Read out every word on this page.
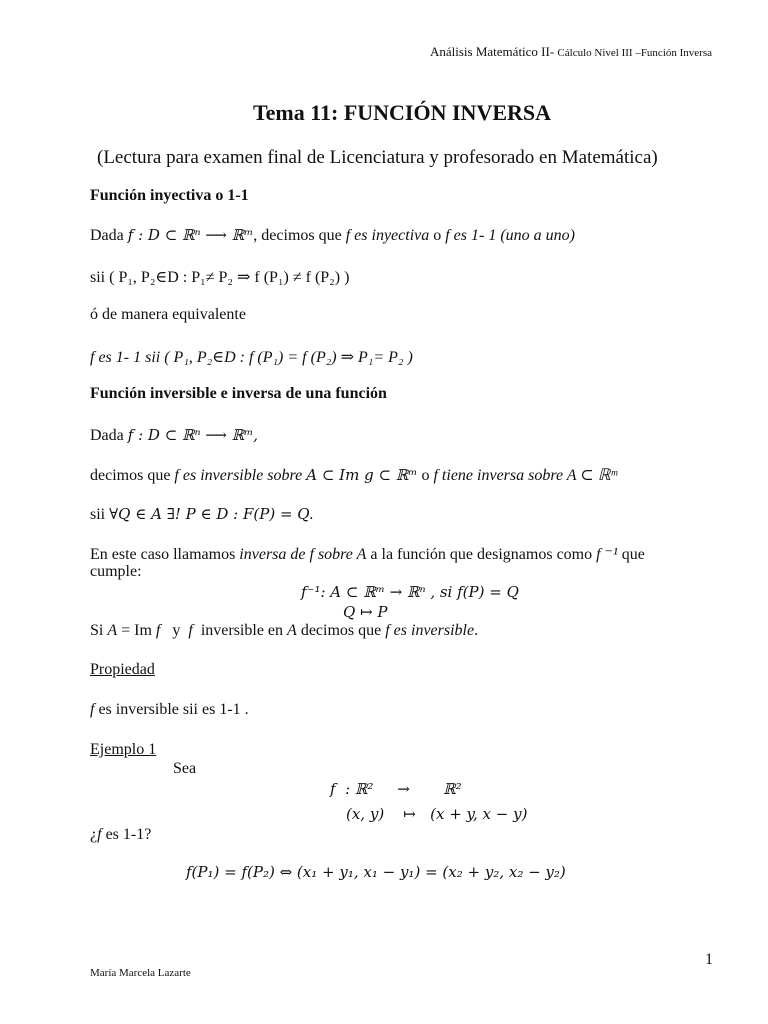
Análisis Matemático II- Cálculo Nivel III –Función Inversa
Tema 11: FUNCIÓN INVERSA
(Lectura para examen final de Licenciatura y profesorado en Matemática)
Función inyectiva o 1-1
Dada f : D ⊂ ℝⁿ ⟶ ℝᵐ, decimos que f es inyectiva o f es 1- 1 (uno a uno)
sii ( P₁, P₂∈D : P₁≠ P₂ ⇒ f (P₁) ≠ f (P₂) )
ó de manera equivalente
f es 1- 1 sii ( P₁, P₂∈D : f (P₁) = f (P₂) ⇒ P₁= P₂ )
Función inversible e inversa de una función
Dada f : D ⊂ ℝⁿ ⟶ ℝᵐ,
decimos que f es inversible sobre A ⊂ Im g ⊂ ℝᵐ o f tiene inversa sobre A ⊂ ℝᵐ
sii ∀Q ∈ A ∃! P ∈ D : F(P) = Q.
En este caso llamamos inversa de f sobre A a la función que designamos como f ⁻¹ que
cumple:
f⁻¹: A ⊂ ℝᵐ → ℝⁿ , si f(P) = Q
Q ↦ P
Si A = Im f   y  f  inversible en A decimos que f es inversible.
Propiedad
f es inversible sii es 1-1 .
Ejemplo 1
Sea
f  : ℝ²     →       ℝ²
(x, y)    ↦   (x + y, x − y)
¿f es 1-1?
f(P₁) = f(P₂) ⇔ (x₁ + y₁, x₁ − y₁) = (x₂ + y₂, x₂ − y₂)
1
María Marcela Lazarte
